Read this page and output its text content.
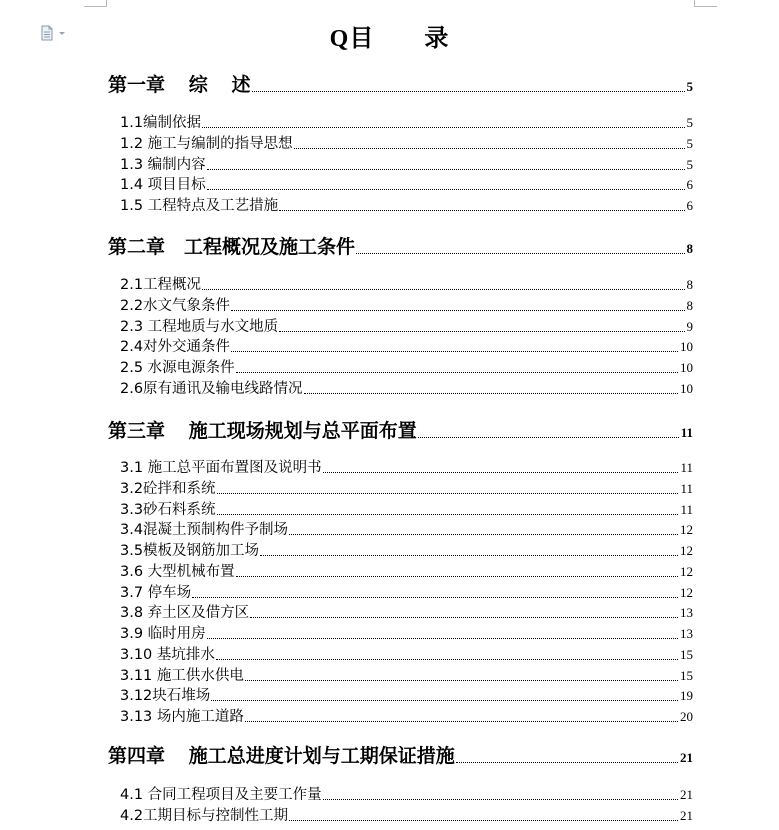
Q目　　录
第一章　 综　 述	5
1.1编制依据	5
1.2 施工与编制的指导思想	5
1.3 编制内容	5
1.4 项目目标	6
1.5 工程特点及工艺措施	6
第二章　工程概况及施工条件	8
2.1工程概况	8
2.2水文气象条件	8
2.3 工程地质与水文地质	9
2.4对外交通条件	10
2.5 水源电源条件	10
2.6原有通讯及输电线路情况	10
第三章　 施工现场规划与总平面布置	11
3.1 施工总平面布置图及说明书	11
3.2砼拌和系统	11
3.3砂石料系统	11
3.4混凝土预制构件予制场	12
3.5模板及钢筋加工场	12
3.6 大型机械布置	12
3.7 停车场	12
3.8 弃土区及借方区	13
3.9 临时用房	13
3.10 基坑排水	15
3.11 施工供水供电	15
3.12块石堆场	19
3.13 场内施工道路	20
第四章　 施工总进度计划与工期保证措施	21
4.1 合同工程项目及主要工作量	21
4.2工期目标与控制性工期	21
